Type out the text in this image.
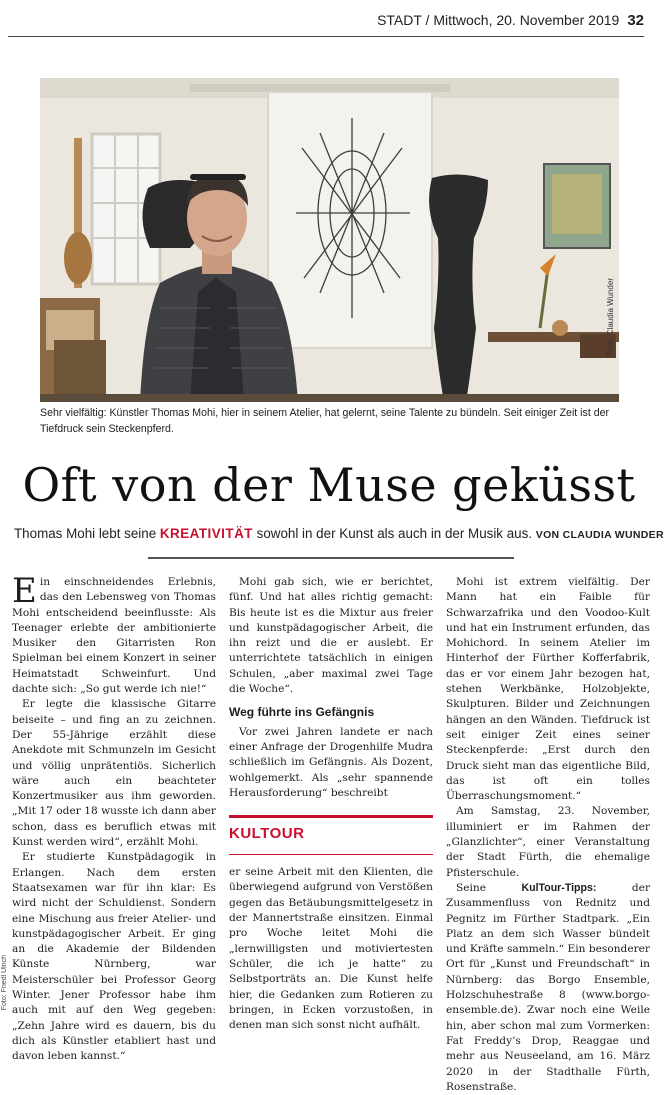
STADT / Mittwoch, 20. November 2019 32
Foto: Claudia Wunder
Sehr vielfältig: Künstler Thomas Mohi, hier in seinem Atelier, hat gelernt, seine Talente zu bündeln. Seit einiger Zeit ist der Tiefdruck sein Steckenpferd.
Oft von der Muse geküsst
Thomas Mohi lebt seine KREATIVITÄT sowohl in der Kunst als auch in der Musik aus. VON CLAUDIA WUNDER

Ein einschneidendes Erlebnis, das den Lebensweg von Thomas Mohi entscheidend beeinflusste: Als Teenager erlebte der ambitionierte Musiker den Gitarristen Ron Spielman bei einem Konzert in seiner Heimatstadt Schweinfurt. Und dachte sich: „So gut werde ich nie!“

Er legte die klassische Gitarre beiseite – und fing an zu zeichnen. Der 55-Jährige erzählt diese Anekdote mit Schmunzeln im Gesicht und völlig unprätentiös. Sicherlich wäre auch ein beachteter Konzertmusiker aus ihm geworden. „Mit 17 oder 18 wusste ich dann aber schon, dass es beruflich etwas mit Kunst werden wird“, erzählt Mohi.

Er studierte Kunstpädagogik in Erlangen. Nach dem ersten Staatsexamen war für ihn klar: Es wird nicht der Schuldienst. Sondern eine Mischung aus freier Atelier- und kunstpädagogischer Arbeit. Er ging an die Akademie der Bildenden Künste Nürnberg, war Meisterschüler bei Professor Georg Winter. Jener Professor habe ihm auch mit auf den Weg gegeben: „Zehn Jahre wird es dauern, bis du dich als Künstler etabliert hast und davon leben kannst.“

Mohi gab sich, wie er berichtet, fünf. Und hat alles richtig gemacht: Bis heute ist es die Mixtur aus freier und kunstpädagogischer Arbeit, die ihn reizt und die er auslebt. Er unterrichtete tatsächlich in einigen Schulen, „aber maximal zwei Tage die Woche“.

Weg führte ins Gefängnis

Vor zwei Jahren landete er nach einer Anfrage der Drogenhilfe Mudra schließlich im Gefängnis. Als Dozent, wohlgemerkt. Als „sehr spannende Herausforderung“ beschreibt

KULTOUR

er seine Arbeit mit den Klienten, die überwiegend aufgrund von Verstößen gegen das Betäubungsmittelgesetz in der Mannertstraße einsitzen. Einmal pro Woche leitet Mohi die „lernwilligsten und motiviertesten Schüler, die ich je hatte“ zu Selbstporträts an. Die Kunst helfe hier, die Gedanken zum Rotieren zu bringen, in Ecken vorzustoßen, in denen man sich sonst nicht aufhält.

Mohi ist extrem vielfältig. Der Mann hat ein Faible für Schwarzafrika und den Voodoo-Kult und hat ein Instrument erfunden, das Mohichord. In seinem Atelier im Hinterhof der Fürther Kofferfabrik, das er vor einem Jahr bezogen hat, stehen Werkbänke, Holzobjekte, Skulpturen. Bilder und Zeichnungen hängen an den Wänden. Tiefdruck ist seit einiger Zeit eines seiner Steckenpferde: „Erst durch den Druck sieht man das eigentliche Bild, das ist oft ein tolles Überraschungsmoment.“

Am Samstag, 23. November, illuminiert er im Rahmen der „Glanzlichter“, einer Veranstaltung der Stadt Fürth, die ehemalige Pfisterschule.

Seine KulTour-Tipps: der Zusammenfluss von Rednitz und Pegnitz im Fürther Stadtpark. „Ein Platz an dem sich Wasser bündelt und Kräfte sammeln.“ Ein besonderer Ort für „Kunst und Freundschaft“ in Nürnberg: das Borgo Ensemble, Holzschuhestraße 8 (www.borgo-ensemble.de). Zwar noch eine Weile hin, aber schon mal zum Vormerken: Fat Freddy’s Drop, Reaggae und mehr aus Neuseeland, am 16. März 2020 in der Stadthalle Fürth, Rosenstraße.

Foto: Friedl Ulrich
